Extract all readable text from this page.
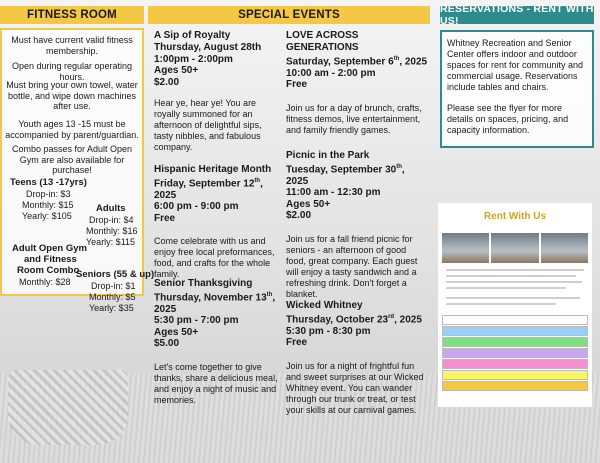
FITNESS ROOM	SPECIAL EVENTS	RESERVATIONS - RENT WITH US!
Must have current valid fitness membership.
Open during regular operating hours.
Must bring your own towel, water bottle, and wipe down machines after use.
Youth ages 13 -15 must be accompanied by parent/guardian.
Combo passes for Adult Open Gym are also available for purchase!
Teens (13 -17yrs)
Drop-in: $3
Monthly: $15
Yearly: $105
Adults
Drop-in: $4
Monthly: $16
Yearly: $115
Adult Open Gym
and Fitness
Room Combo
Monthly: $28
Seniors (55 & up)
Drop-in: $1
Monthly: $5
Yearly: $35
A Sip of Royalty
Thursday, August 28th
1:00pm - 2:00pm
Ages 50+
$2.00
Hear ye, hear ye! You are royally summoned for an afternoon of delightful sips, tasty nibbles, and fabulous company.
Hispanic Heritage Month
Friday, September 12th, 2025
6:00 pm - 9:00 pm
Free
Come celebrate with us and enjoy free local preformances, food, and crafts for the whole family.
Senior Thanksgiving
Thursday, November 13th, 2025
5:30 pm - 7:00 pm
Ages 50+
$5.00
Let's come together to give thanks, share a delicious meal, and enjoy a night of music and memories.
LOVE ACROSS GENERATIONS
Saturday, September 6th, 2025
10:00 am - 2:00 pm
Free
Join us for a day of brunch, crafts, fitness demos, live entertainment, and family friendly games.
Picnic in the Park
Tuesday, September 30th, 2025
11:00 am - 12:30 pm
Ages 50+
$2.00
Join us for a fall friend picnic for seniors - an afternoon of good food, great company. Each guest will enjoy a tasty sandwich and a refreshing drink. Don't forget a blanket.
Wicked Whitney
Thursday, October 23rd, 2025
5:30 pm - 8:30 pm
Free
Join us for a night of frightful fun and sweet surprises at our Wicked Whitney event. You can wander through our trunk or treat, or test your skills at our carnival games.

Whitney Recreation and Senior Center offers indoor and outdoor spaces for rent for community and commercial usage. Reservations include tables and chairs.

Please see the flyer for more details on spaces, pricing, and capacity information.

Rent With Us
